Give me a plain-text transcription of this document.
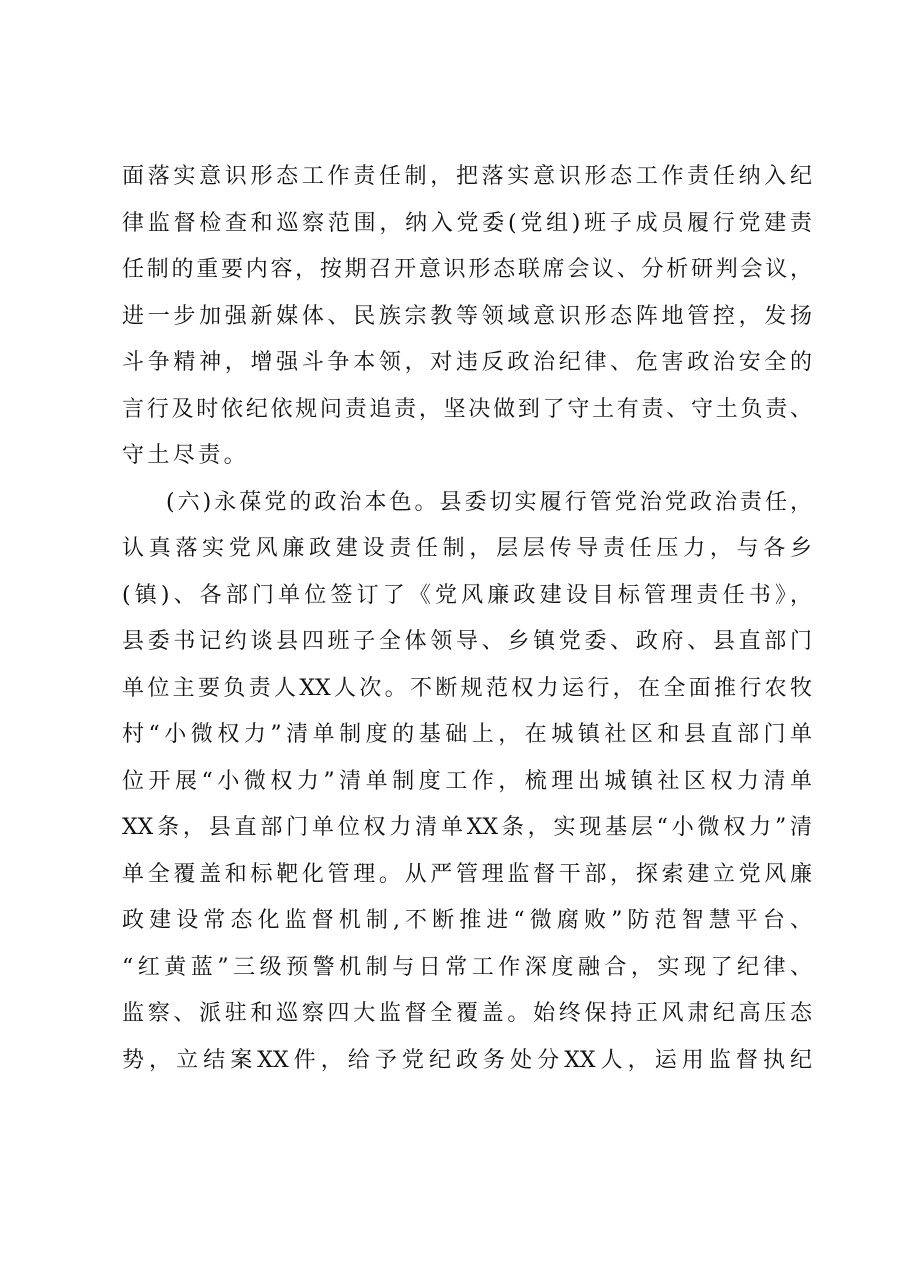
面落实意识形态工作责任制，把落实意识形态工作责任纳入纪
律监督检查和巡察范围，纳入党委(党组)班子成员履行党建责
任制的重要内容，按期召开意识形态联席会议、分析研判会议，
进一步加强新媒体、民族宗教等领域意识形态阵地管控，发扬
斗争精神，增强斗争本领，对违反政治纪律、危害政治安全的
言行及时依纪依规问责追责，坚决做到了守土有责、守土负责、
守土尽责。
(六)永葆党的政治本色。县委切实履行管党治党政治责任，
认真落实党风廉政建设责任制，层层传导责任压力，与各乡
(镇)、各部门单位签订了《党风廉政建设目标管理责任书》，
县委书记约谈县四班子全体领导、乡镇党委、政府、县直部门
单位主要负责人XX人次。不断规范权力运行，在全面推行农牧
村“小微权力”清单制度的基础上，在城镇社区和县直部门单
位开展“小微权力”清单制度工作，梳理出城镇社区权力清单
XX条，县直部门单位权力清单XX条，实现基层“小微权力”清
单全覆盖和标靶化管理。从严管理监督干部，探索建立党风廉
政建设常态化监督机制,不断推进“微腐败”防范智慧平台、
“红黄蓝”三级预警机制与日常工作深度融合，实现了纪律、
监察、派驻和巡察四大监督全覆盖。始终保持正风肃纪高压态
势，立结案XX件，给予党纪政务处分XX人，运用监督执纪
